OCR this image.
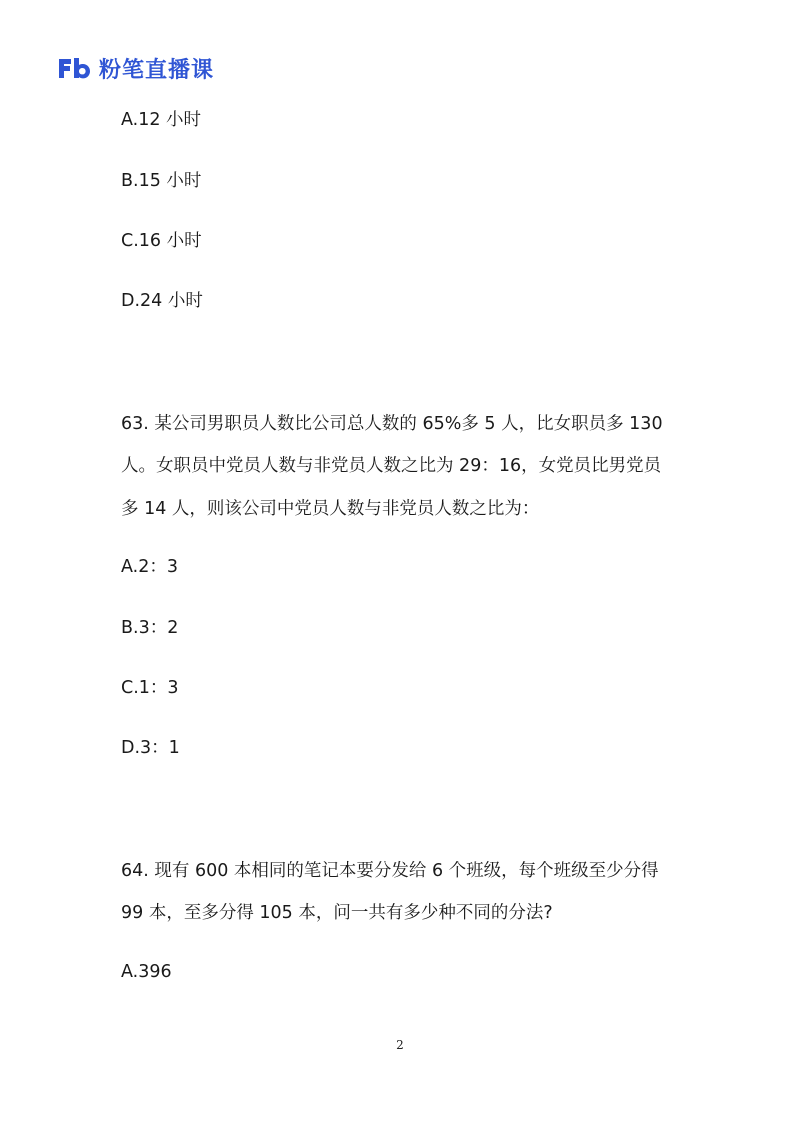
粉笔直播课
A.12 小时
B.15 小时
C.16 小时
D.24 小时
63. 某公司男职员人数比公司总人数的 65%多 5 人，比女职员多 130
人。女职员中党员人数与非党员人数之比为 29：16，女党员比男党员
多 14 人，则该公司中党员人数与非党员人数之比为：
A.2：3
B.3：2
C.1：3
D.3：1
64. 现有 600 本相同的笔记本要分发给 6 个班级，每个班级至少分得
99 本，至多分得 105 本，问一共有多少种不同的分法?
A.396
2
